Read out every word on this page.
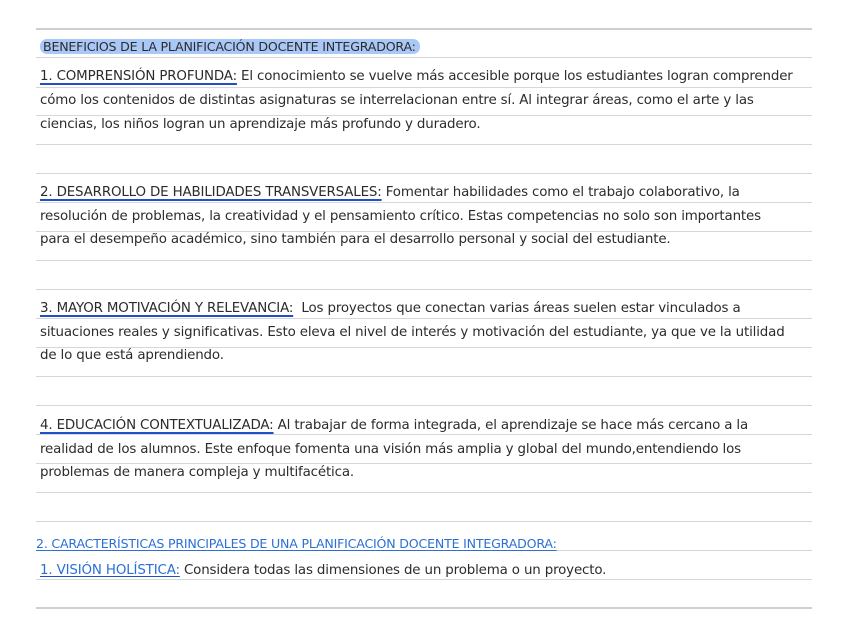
BENEFICIOS DE LA PLANIFICACIÓN DOCENTE INTEGRADORA:
1. COMPRENSIÓN PROFUNDA: El conocimiento se vuelve más accesible porque los estudiantes logran comprender
cómo los contenidos de distintas asignaturas se interrelacionan entre sí. Al integrar áreas, como el arte y las
ciencias, los niños logran un aprendizaje más profundo y duradero.
2. DESARROLLO DE HABILIDADES TRANSVERSALES: Fomentar habilidades como el trabajo colaborativo, la
resolución de problemas, la creatividad y el pensamiento crítico. Estas competencias no solo son importantes
para el desempeño académico, sino también para el desarrollo personal y social del estudiante.
3. MAYOR MOTIVACIÓN Y RELEVANCIA:  Los proyectos que conectan varias áreas suelen estar vinculados a
situaciones reales y significativas. Esto eleva el nivel de interés y motivación del estudiante, ya que ve la utilidad
de lo que está aprendiendo.
4. EDUCACIÓN CONTEXTUALIZADA: Al trabajar de forma integrada, el aprendizaje se hace más cercano a la
realidad de los alumnos. Este enfoque fomenta una visión más amplia y global del mundo,entendiendo los
problemas de manera compleja y multifacética.
2. CARACTERÍSTICAS PRINCIPALES DE UNA PLANIFICACIÓN DOCENTE INTEGRADORA:
1. VISIÓN HOLÍSTICA: Considera todas las dimensiones de un problema o un proyecto.
